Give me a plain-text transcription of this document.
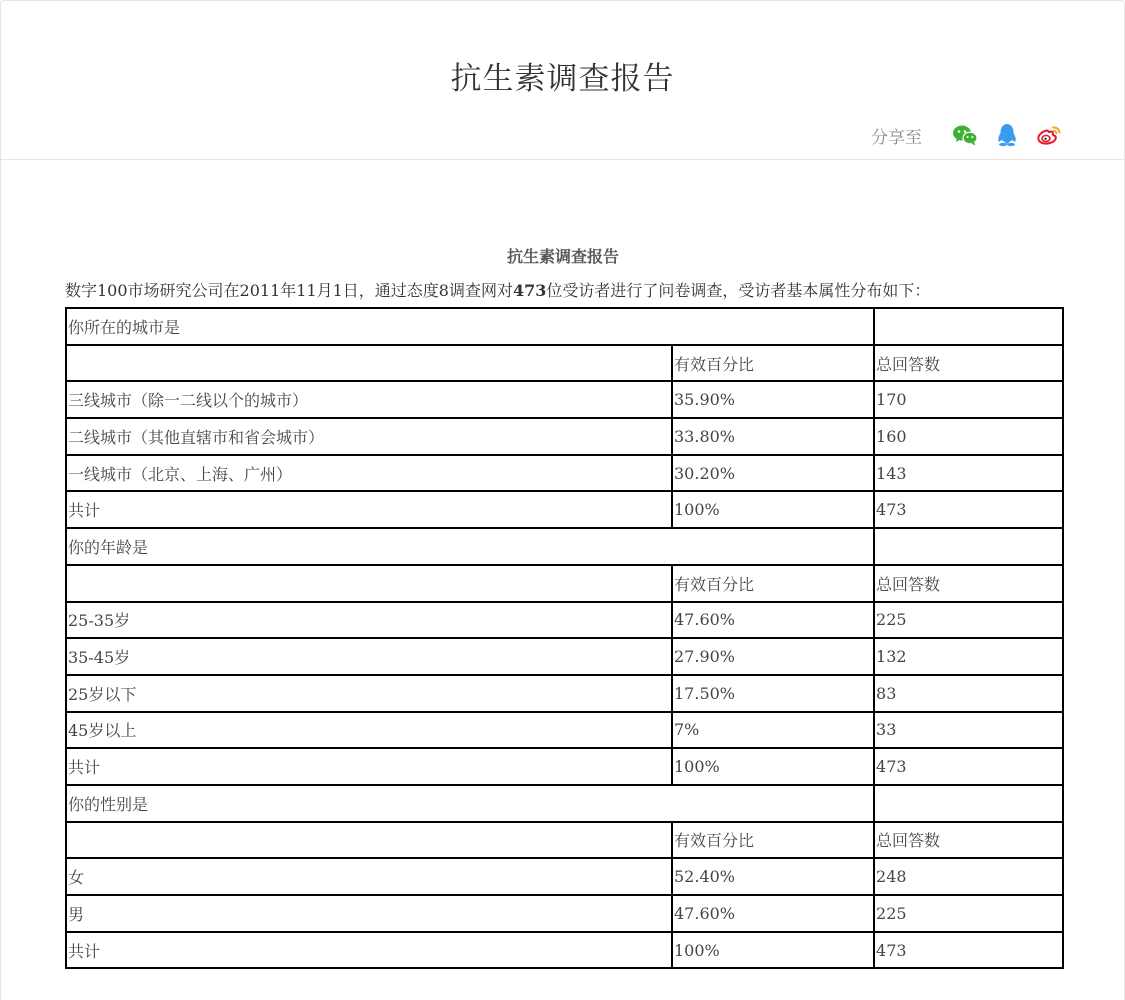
抗生素调查报告
分享至
抗生素调查报告
数字100市场研究公司在2011年11月1日，通过态度8调查网对473位受访者进行了问卷调查，受访者基本属性分布如下：
你所在的城市是		
	有效百分比	总回答数
三线城市（除一二线以个的城市）	35.90%	170
二线城市（其他直辖市和省会城市）	33.80%	160
一线城市（北京、上海、广州）	30.20%	143
共计	100%	473
你的年龄是		
	有效百分比	总回答数
25-35岁	47.60%	225
35-45岁	27.90%	132
25岁以下	17.50%	83
45岁以上	7%	33
共计	100%	473
你的性别是		
	有效百分比	总回答数
女	52.40%	248
男	47.60%	225
共计	100%	473
